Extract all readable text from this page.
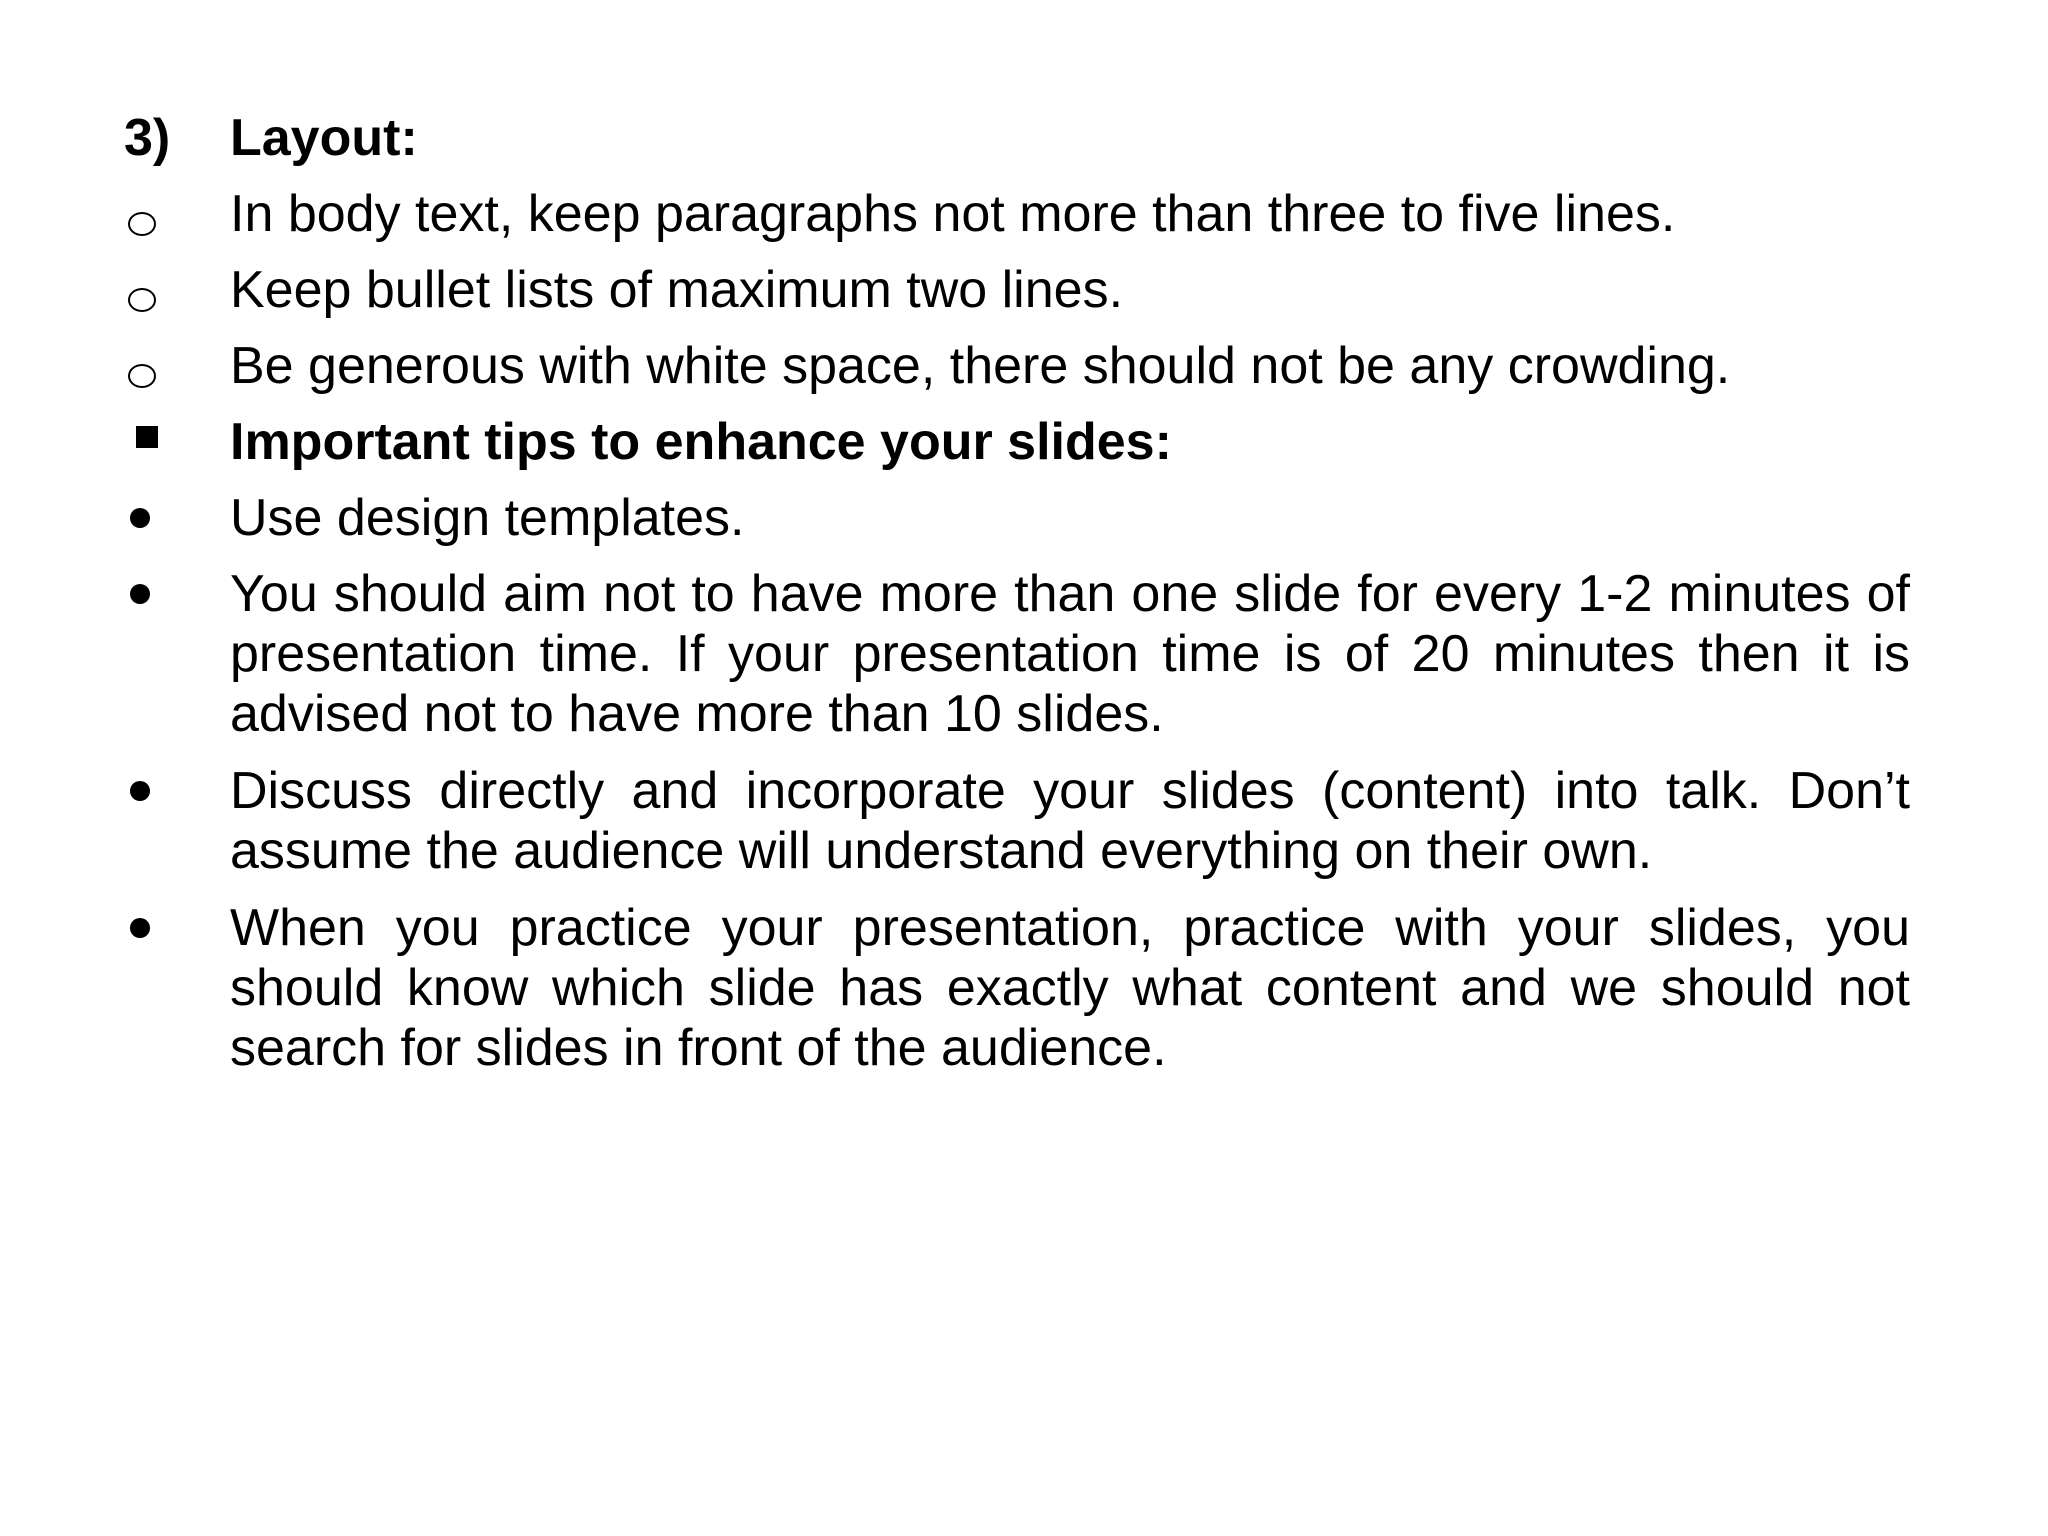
3)	Layout:
In body text, keep paragraphs not more than three to five lines.
Keep bullet lists of maximum two lines.
Be generous with white space, there should not be any crowding.
Important tips to enhance your slides:
Use design templates.
You should aim not to have more than one slide for every 1-2 minutes of presentation time. If your presentation time is of 20 minutes then it is advised not to have more than 10 slides.
Discuss directly and incorporate your slides (content) into talk. Don’t assume the audience will understand everything on their own.
When you practice your presentation, practice with your slides, you should know which slide has exactly what content and we should not search for slides in front of the audience.
